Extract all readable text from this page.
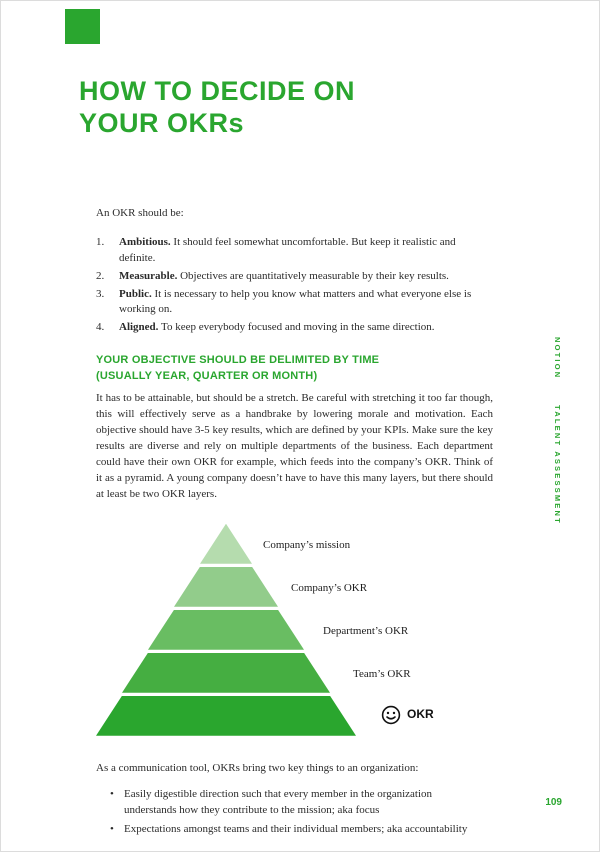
HOW TO DECIDE ON
YOUR OKRs

An OKR should be:

1.	Ambitious. It should feel somewhat uncomfortable. But keep it realistic and definite.
2.	Measurable. Objectives are quantitatively measurable by their key results.
3.	Public. It is necessary to help you know what matters and what everyone else is working on.
4.	Aligned. To keep everybody focused and moving in the same direction.
YOUR OBJECTIVE SHOULD BE DELIMITED BY TIME
(USUALLY YEAR, QUARTER OR MONTH)

It has to be attainable, but should be a stretch. Be careful with stretching it too far though, this will effectively serve as a handbrake by lowering morale and motivation. Each objective should have 3-5 key results, which are defined by your KPIs. Make sure the key results are diverse and rely on multiple departments of the business. Each department could have their own OKR for example, which feeds into the company’s OKR. Think of it as a pyramid. A young company doesn’t have to have this many layers, but there should at least be two OKR layers.

Company’s mission
Company’s OKR
Department’s OKR
Team’s OKR
OKR

As a communication tool, OKRs bring two key things to an organization:

• Easily digestible direction such that every member in the organization understands how they contribute to the mission; aka focus
• Expectations amongst teams and their individual members; aka accountability
NOTION
TALENT ASSESSMENT
109
